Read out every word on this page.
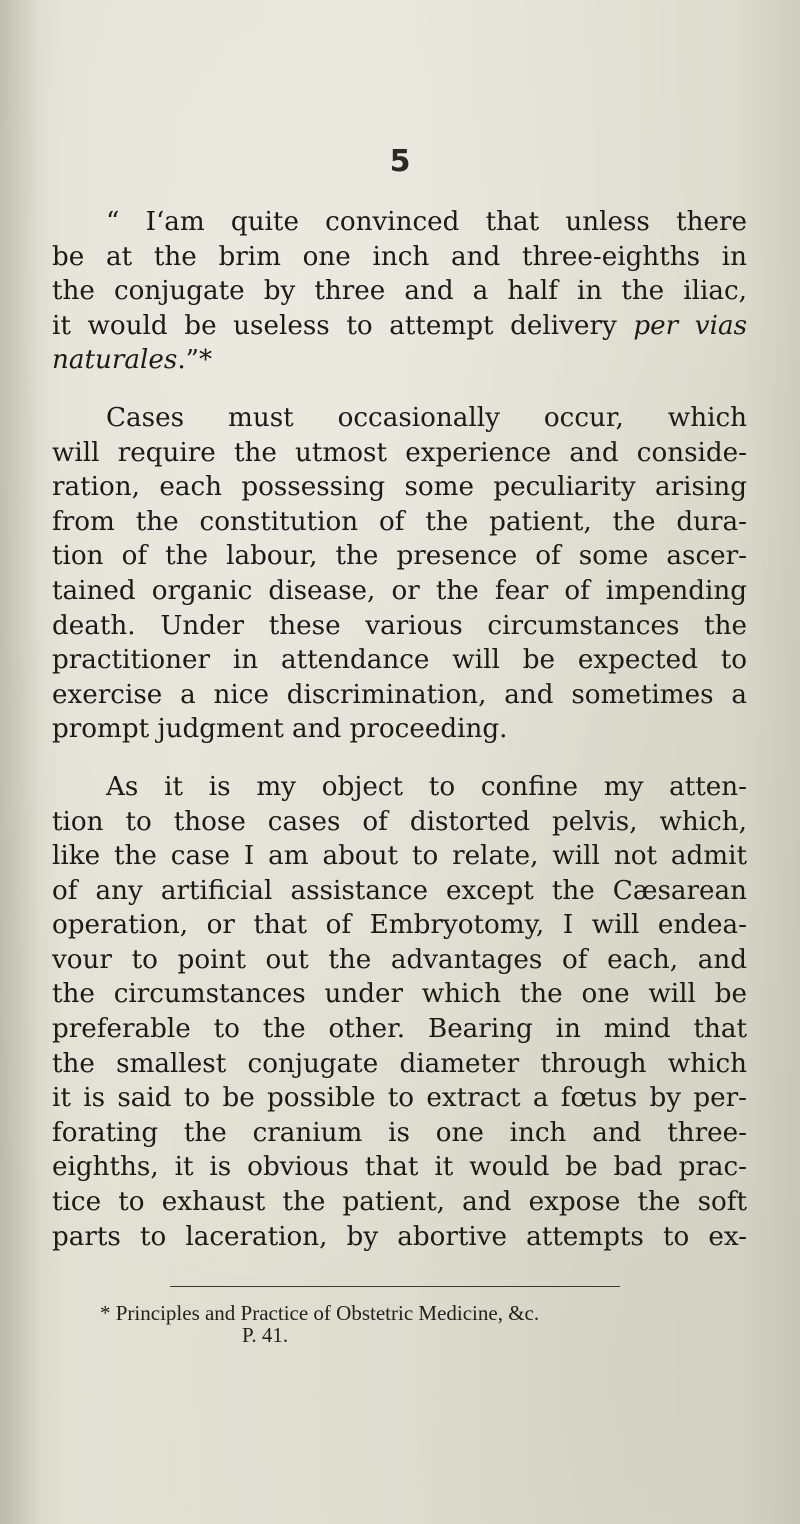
5

“ I‘am quite convinced that unless there
be at the brim one inch and three-eighths in
the conjugate by three and a half in the iliac,
it would be useless to attempt delivery per vias
naturales.”*

Cases must occasionally occur, which
will require the utmost experience and conside-
ration, each possessing some peculiarity arising
from the constitution of the patient, the dura-
tion of the labour, the presence of some ascer-
tained organic disease, or the fear of impending
death. Under these various circumstances the
practitioner in attendance will be expected to
exercise a nice discrimination, and sometimes a
prompt judgment and proceeding.

As it is my object to confine my atten-
tion to those cases of distorted pelvis, which,
like the case I am about to relate, will not admit
of any artificial assistance except the Cæsarean
operation, or that of Embryotomy, I will endea-
vour to point out the advantages of each, and
the circumstances under which the one will be
preferable to the other. Bearing in mind that
the smallest conjugate diameter through which
it is said to be possible to extract a fœtus by per-
forating the cranium is one inch and three-
eighths, it is obvious that it would be bad prac-
tice to exhaust the patient, and expose the soft
parts to laceration, by abortive attempts to ex-

* Principles and Practice of Obstetric Medicine, &c.
P. 41.
